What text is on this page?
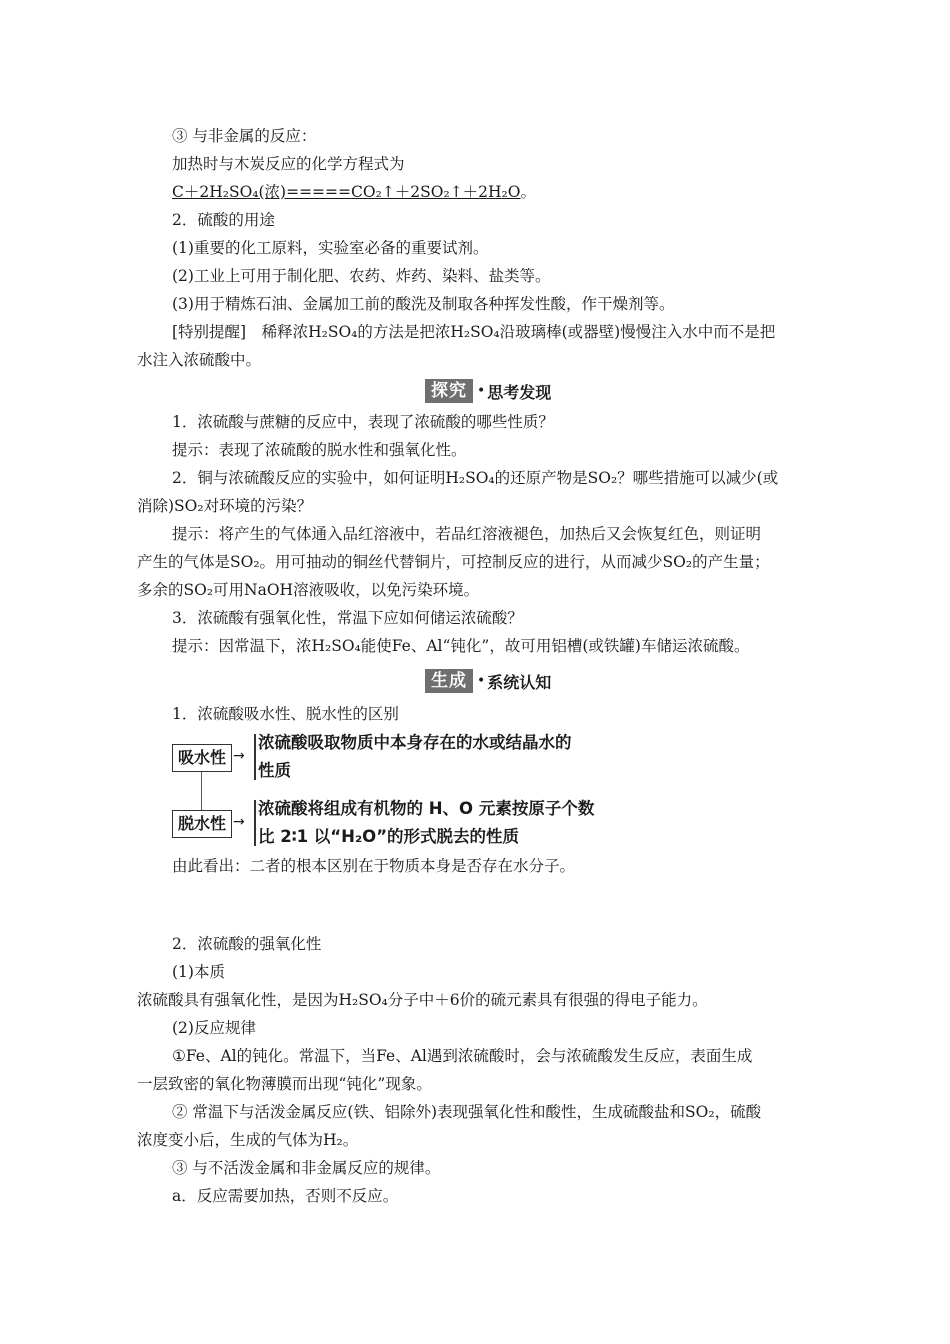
③ 与非金属的反应：
加热时与木炭反应的化学方程式为
C＋2H₂SO₄(浓)=====CO₂↑＋2SO₂↑＋2H₂O。
2．硫酸的用途
(1)重要的化工原料，实验室必备的重要试剂。
(2)工业上可用于制化肥、农药、炸药、染料、盐类等。
(3)用于精炼石油、金属加工前的酸洗及制取各种挥发性酸，作干燥剂等。
[特别提醒]　稀释浓H₂SO₄的方法是把浓H₂SO₄沿玻璃棒(或器壁)慢慢注入水中而不是把
水注入浓硫酸中。
探究 • 思考发现
1．浓硫酸与蔗糖的反应中，表现了浓硫酸的哪些性质？
提示：表现了浓硫酸的脱水性和强氧化性。
2．铜与浓硫酸反应的实验中，如何证明H₂SO₄的还原产物是SO₂？哪些措施可以减少(或
消除)SO₂对环境的污染？
提示：将产生的气体通入品红溶液中，若品红溶液褪色，加热后又会恢复红色，则证明
产生的气体是SO₂。用可抽动的铜丝代替铜片，可控制反应的进行，从而减少SO₂的产生量；
多余的SO₂可用NaOH溶液吸收，以免污染环境。
3．浓硫酸有强氧化性，常温下应如何储运浓硫酸？
提示：因常温下，浓H₂SO₄能使Fe、Al“钝化”，故可用铝槽(或铁罐)车储运浓硫酸。
生成 • 系统认知
1．浓硫酸吸水性、脱水性的区别
吸水性 →
浓硫酸吸取物质中本身存在的水或结晶水的
性质
脱水性 →
浓硫酸将组成有机物的 H、O 元素按原子个数
比 2∶1 以“H₂O”的形式脱去的性质
由此看出：二者的根本区别在于物质本身是否存在水分子。
2．浓硫酸的强氧化性
(1)本质
浓硫酸具有强氧化性，是因为H₂SO₄分子中＋6价的硫元素具有很强的得电子能力。
(2)反应规律
①Fe、Al的钝化。常温下，当Fe、Al遇到浓硫酸时，会与浓硫酸发生反应，表面生成
一层致密的氧化物薄膜而出现“钝化”现象。
② 常温下与活泼金属反应(铁、铝除外)表现强氧化性和酸性，生成硫酸盐和SO₂，硫酸
浓度变小后，生成的气体为H₂。
③ 与不活泼金属和非金属反应的规律。
a．反应需要加热，否则不反应。
